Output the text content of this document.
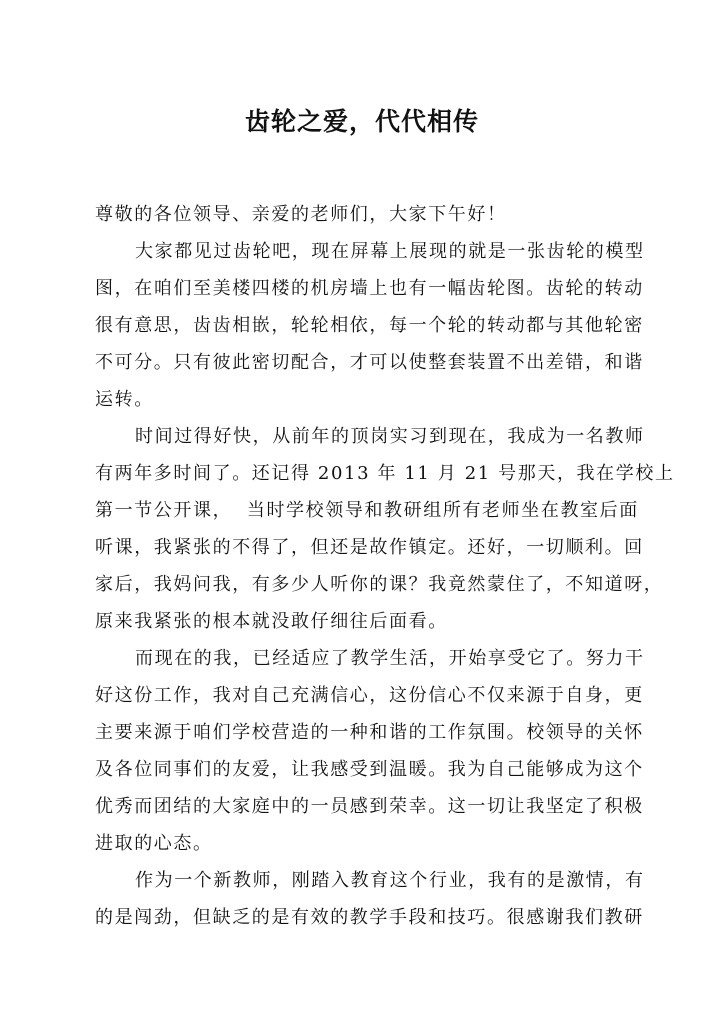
齿轮之爱，代代相传
尊敬的各位领导、亲爱的老师们，大家下午好！
大家都见过齿轮吧，现在屏幕上展现的就是一张齿轮的模型
图，在咱们至美楼四楼的机房墙上也有一幅齿轮图。齿轮的转动
很有意思，齿齿相嵌，轮轮相依，每一个轮的转动都与其他轮密
不可分。只有彼此密切配合，才可以使整套装置不出差错，和谐
运转。
时间过得好快，从前年的顶岗实习到现在，我成为一名教师
有两年多时间了。还记得 2013 年 11 月 21 号那天，我在学校上
第一节公开课，  当时学校领导和教研组所有老师坐在教室后面
听课，我紧张的不得了，但还是故作镇定。还好，一切顺利。回
家后，我妈问我，有多少人听你的课？我竟然蒙住了，不知道呀，
原来我紧张的根本就没敢仔细往后面看。
而现在的我，已经适应了教学生活，开始享受它了。努力干
好这份工作，我对自己充满信心，这份信心不仅来源于自身，更
主要来源于咱们学校营造的一种和谐的工作氛围。校领导的关怀
及各位同事们的友爱，让我感受到温暖。我为自己能够成为这个
优秀而团结的大家庭中的一员感到荣幸。这一切让我坚定了积极
进取的心态。
作为一个新教师，刚踏入教育这个行业，我有的是激情，有
的是闯劲，但缺乏的是有效的教学手段和技巧。很感谢我们教研
